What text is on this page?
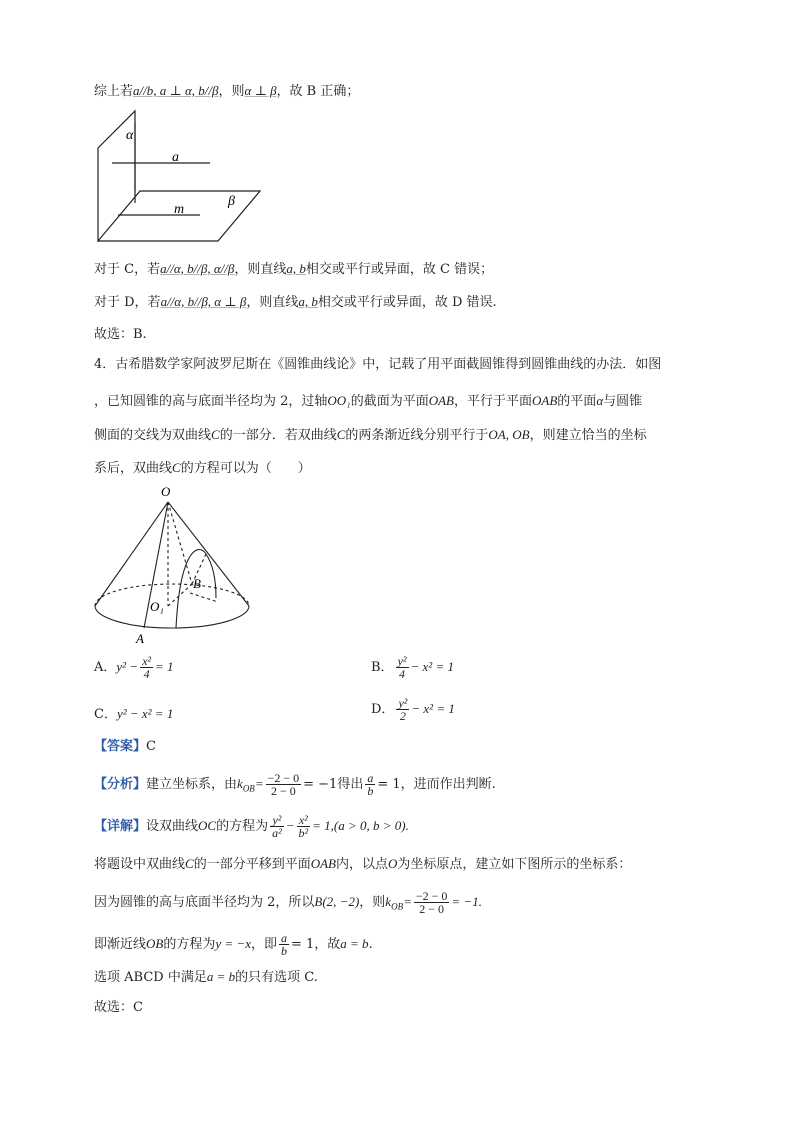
综上若a//b, a ⊥ α, b//β，则α ⊥ β，故 B 正确；
α
a
m
β
对于 C，若a//α, b//β, α//β，则直线a, b相交或平行或异面，故 C 错误；
对于 D，若a//α, b//β, α ⊥ β，则直线a, b相交或平行或异面，故 D 错误.
故选：B.
4．古希腊数学家阿波罗尼斯在《圆锥曲线论》中，记载了用平面截圆锥得到圆锥曲线的办法．如图
，已知圆锥的高与底面半径均为 2，过轴OO₁的截面为平面OAB，平行于平面OAB的平面α与圆锥
侧面的交线为双曲线C的一部分．若双曲线C的两条渐近线分别平行于OA, OB，则建立恰当的坐标
系后，双曲线C的方程可以为（　　）
O
B
O₁
A
A．$y^2 - \frac{\text{x²}}{4} = 1$	B． $\frac{\text{y²}}{4} - x^2 = 1$
C．y² − x² = 1	D． $\frac{\text{y²}}{2} - x^2 = 1$
【答案】C
【分析】建立坐标系，由$k_{OB}= \frac{-2 - 0}{2 - 0} = -1$得出 $\frac{a}{b} = 1$，进而作出判断.
【详解】设双曲线OC的方程为 $\frac{\text{y²}}{\text{a²}} - \frac{\text{x²}}{\text{b²}} = 1,(a > 0$, b > 0).
将题设中双曲线C的一部分平移到平面OAB内，以点O为坐标原点，建立如下图所示的坐标系：
因为圆锥的高与底面半径均为 2，所以B(2, −2)，则$k_{OB}= \frac{-2 - 0}{2 - 0} = -1$.
即渐近线OB的方程为y = −x，即 $\frac{a}{b} = 1$，故a = b.
选项 ABCD 中满足a = b的只有选项 C.
故选：C
